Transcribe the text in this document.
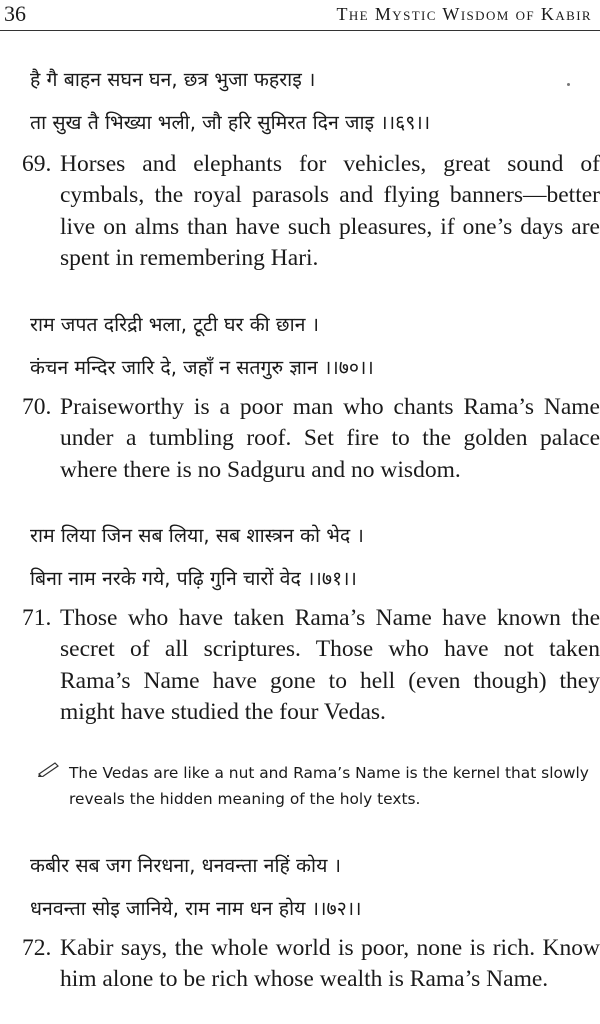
36	The Mystic Wisdom of Kabir
है गै बाहन सघन घन, छत्र भुजा फहराइ ।
ता सुख तै भिख्या भली, जौ हरि सुमिरत दिन जाइ ।।६९।।
69. Horses and elephants for vehicles, great sound of cymbals, the royal parasols and flying banners—better live on alms than have such pleasures, if one’s days are spent in remembering Hari.
राम जपत दरिद्री भला, टूटी घर की छान ।
कंचन मन्दिर जारि दे, जहाँ न सतगुरु ज्ञान ।।७०।।
70. Praiseworthy is a poor man who chants Rama’s Name under a tumbling roof. Set fire to the golden palace where there is no Sadguru and no wisdom.
राम लिया जिन सब लिया, सब शास्त्रन को भेद ।
बिना नाम नरके गये, पढ़ि गुनि चारों वेद ।।७१।।
71. Those who have taken Rama’s Name have known the secret of all scriptures. Those who have not taken Rama’s Name have gone to hell (even though) they might have studied the four Vedas.
The Vedas are like a nut and Rama’s Name is the kernel that slowly reveals the hidden meaning of the holy texts.
कबीर सब जग निरधना, धनवन्ता नहिं कोय ।
धनवन्ता सोइ जानिये, राम नाम धन होय ।।७२।।
72. Kabir says, the whole world is poor, none is rich. Know him alone to be rich whose wealth is Rama’s Name.
